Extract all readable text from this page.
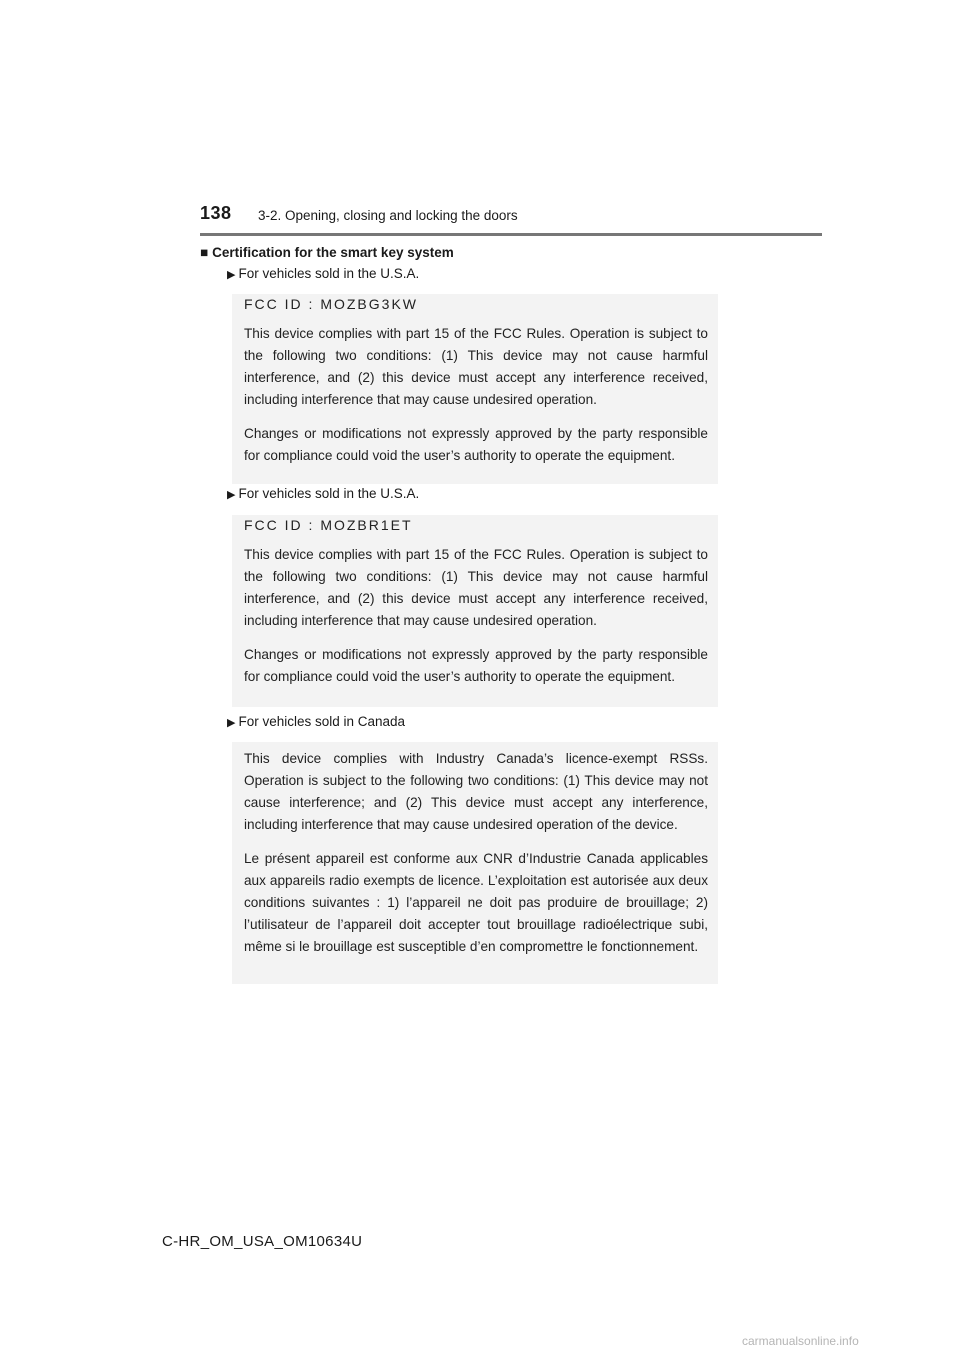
138 3-2. Opening, closing and locking the doors
■ Certification for the smart key system
▶ For vehicles sold in the U.S.A.
FCC ID : MOZBG3KW

This device complies with part 15 of the FCC Rules. Operation is subject to the following two conditions: (1) This device may not cause harmful interference, and (2) this device must accept any interference received, including interference that may cause undesired operation.

Changes or modifications not expressly approved by the party responsible for compliance could void the user’s authority to operate the equipment.

▶ For vehicles sold in the U.S.A.
FCC ID : MOZBR1ET

This device complies with part 15 of the FCC Rules. Operation is subject to the following two conditions: (1) This device may not cause harmful interference, and (2) this device must accept any interference received, including interference that may cause undesired operation.

Changes or modifications not expressly approved by the party responsible for compliance could void the user’s authority to operate the equipment.

▶ For vehicles sold in Canada

This device complies with Industry Canada’s licence-exempt RSSs. Operation is subject to the following two conditions: (1) This device may not cause interference; and (2) This device must accept any interference, including interference that may cause undesired operation of the device.

Le présent appareil est conforme aux CNR d’Industrie Canada applicables aux appareils radio exempts de licence. L’exploitation est autorisée aux deux conditions suivantes : 1) l’appareil ne doit pas produire de brouillage; 2) l’utilisateur de l’appareil doit accepter tout brouillage radioélectrique subi, même si le brouillage est susceptible d’en compromettre le fonctionnement.

C-HR_OM_USA_OM10634U
carmanualsonline.info
